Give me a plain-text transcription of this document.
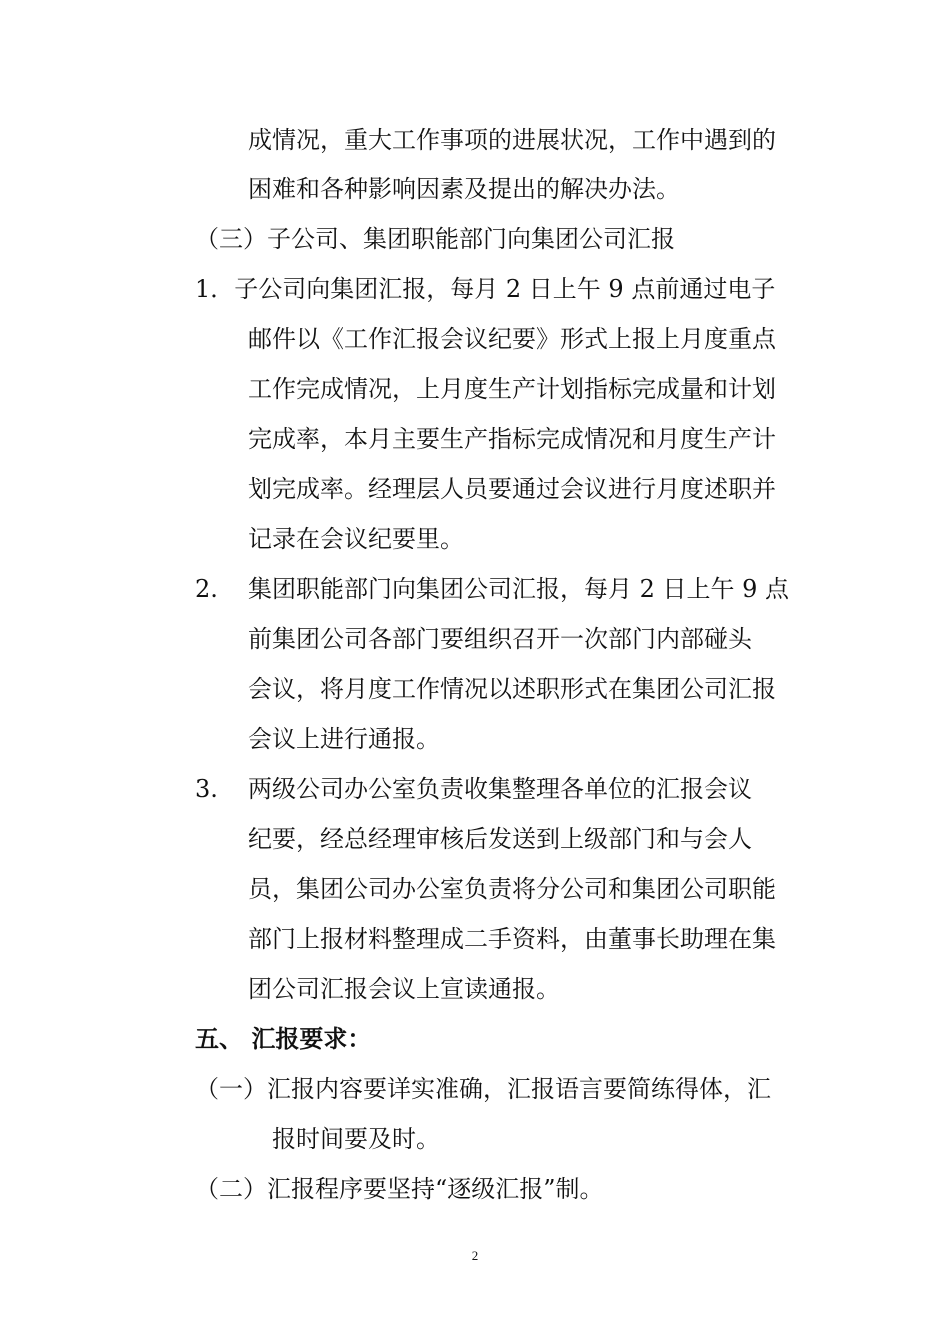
成情况，重大工作事项的进展状况，工作中遇到的
困难和各种影响因素及提出的解决办法。
（三）子公司、集团职能部门向集团公司汇报
1．子公司向集团汇报，每月 2 日上午 9 点前通过电子
邮件以《工作汇报会议纪要》形式上报上月度重点
工作完成情况，上月度生产计划指标完成量和计划
完成率，本月主要生产指标完成情况和月度生产计
划完成率。经理层人员要通过会议进行月度述职并
记录在会议纪要里。
2. 集团职能部门向集团公司汇报，每月 2 日上午 9 点
前集团公司各部门要组织召开一次部门内部碰头
会议，将月度工作情况以述职形式在集团公司汇报
会议上进行通报。
3. 两级公司办公室负责收集整理各单位的汇报会议
纪要，经总经理审核后发送到上级部门和与会人
员，集团公司办公室负责将分公司和集团公司职能
部门上报材料整理成二手资料，由董事长助理在集
团公司汇报会议上宣读通报。
五、 汇报要求：
（一）汇报内容要详实准确，汇报语言要简练得体，汇
报时间要及时。
（二）汇报程序要坚持“逐级汇报”制。
2
